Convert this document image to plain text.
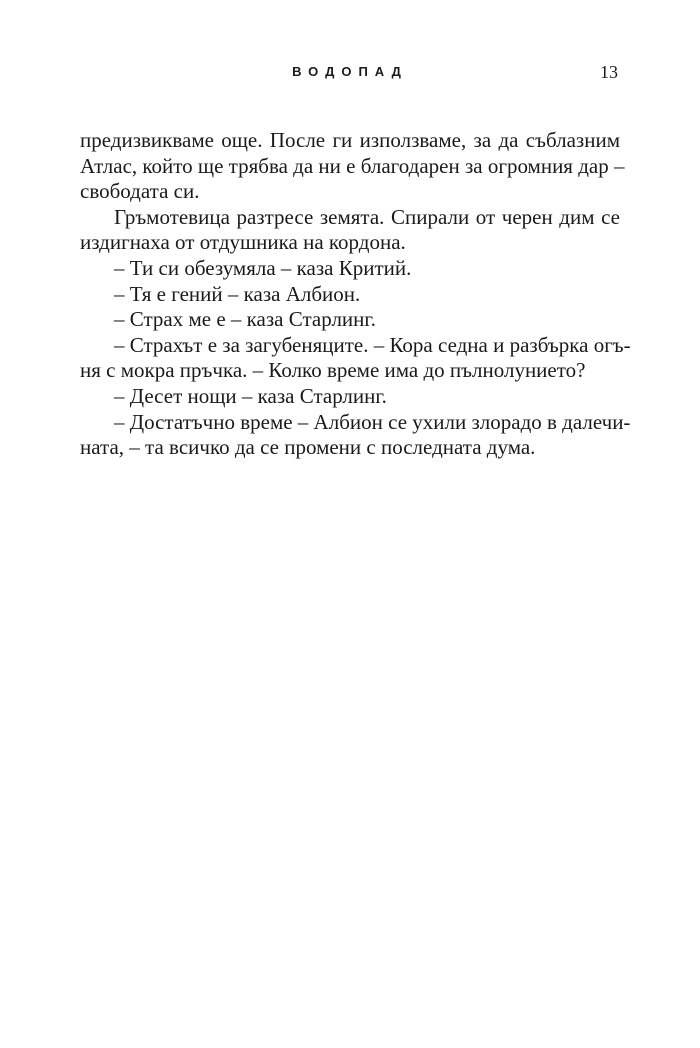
ВОДОПАД	13
предизвикваме още. После ги използваме, за да съблазним
Атлас, който ще трябва да ни е благодарен за огромния дар –
свободата си.
Гръмотевица разтресе земята. Спирали от черен дим се
издигнаха от отдушника на кордона.
– Ти си обезумяла – каза Критий.
– Тя е гений – каза Албион.
– Страх ме е – каза Старлинг.
– Страхът е за загубеняците. – Кора седна и разбърка огъ-
ня с мокра пръчка. – Колко време има до пълнолунието?
– Десет нощи – каза Старлинг.
– Достатъчно време – Албион се ухили злорадо в далечи-
ната, – та всичко да се промени с последната дума.
